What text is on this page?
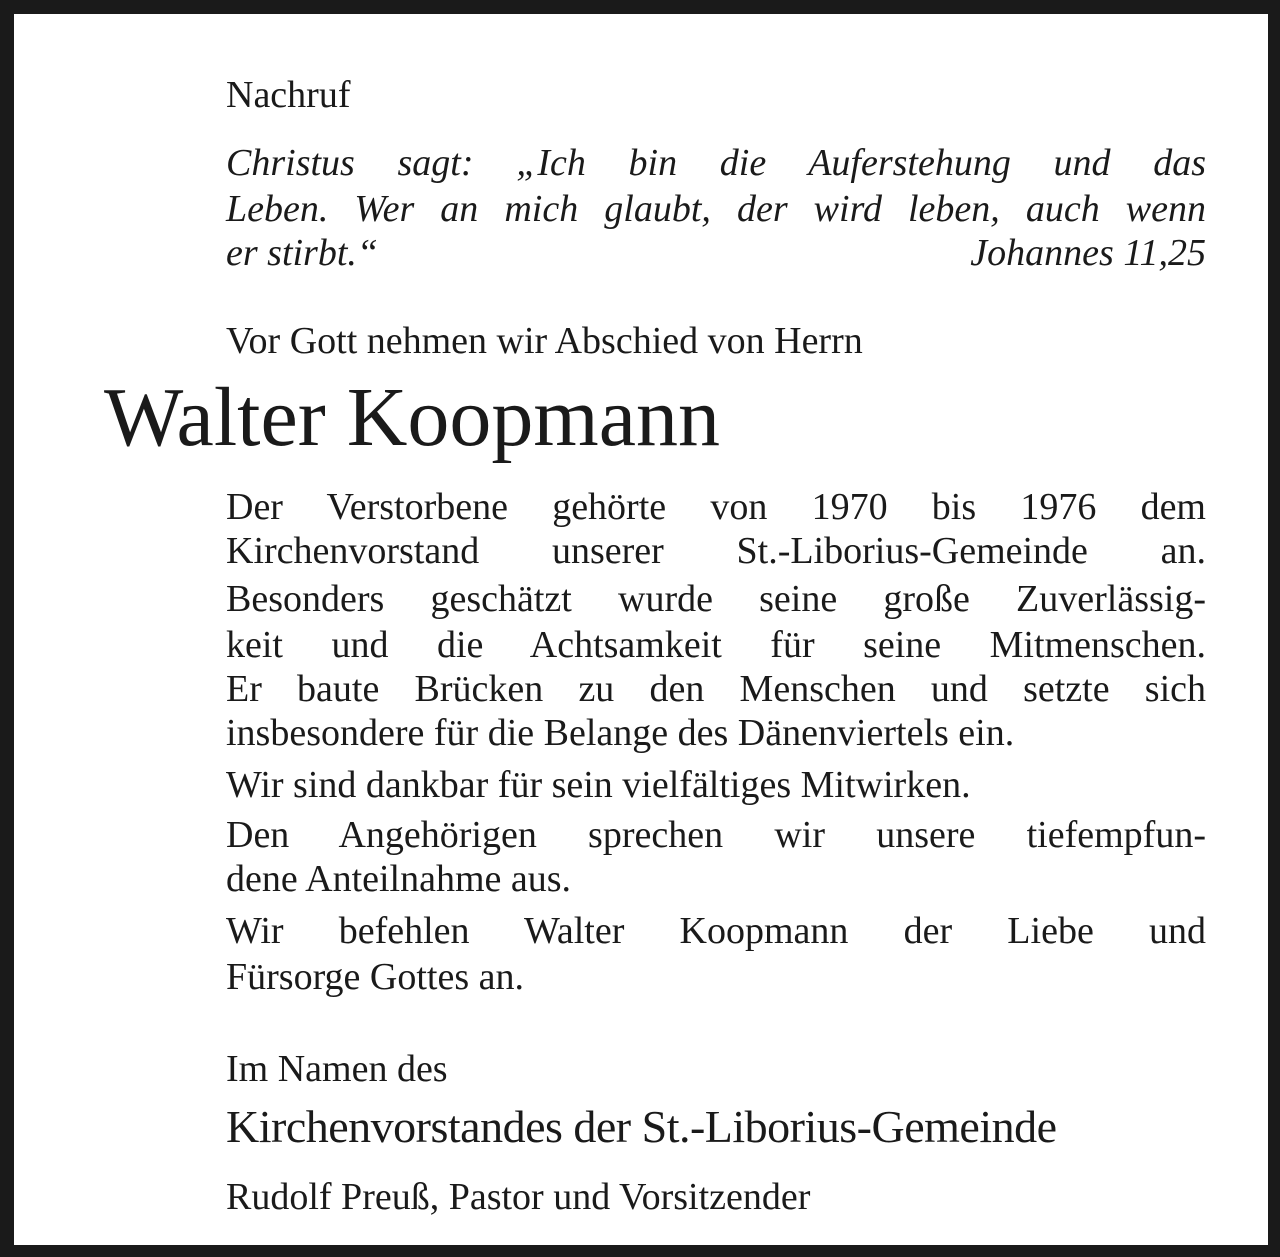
Nachruf

Christus sagt: „Ich bin die Auferstehung und das

Leben. Wer an mich glaubt, der wird leben, auch wenn

er stirbt.“	Johannes 11,25

Vor Gott nehmen wir Abschied von Herrn

Walter Koopmann

Der Verstorbene gehörte von 1970 bis 1976 dem

Kirchenvorstand unserer St.-Liborius-Gemeinde an.

Besonders geschätzt wurde seine große Zuverlässig-

keit und die Achtsamkeit für seine Mitmenschen.

Er baute Brücken zu den Menschen und setzte sich

insbesondere für die Belange des Dänenviertels ein.

Wir sind dankbar für sein vielfältiges Mitwirken.

Den Angehörigen sprechen wir unsere tiefempfun-

dene Anteilnahme aus.

Wir befehlen Walter Koopmann der Liebe und

Fürsorge Gottes an.

Im Namen des

Kirchenvorstandes der St.-Liborius-Gemeinde

Rudolf Preuß, Pastor und Vorsitzender
